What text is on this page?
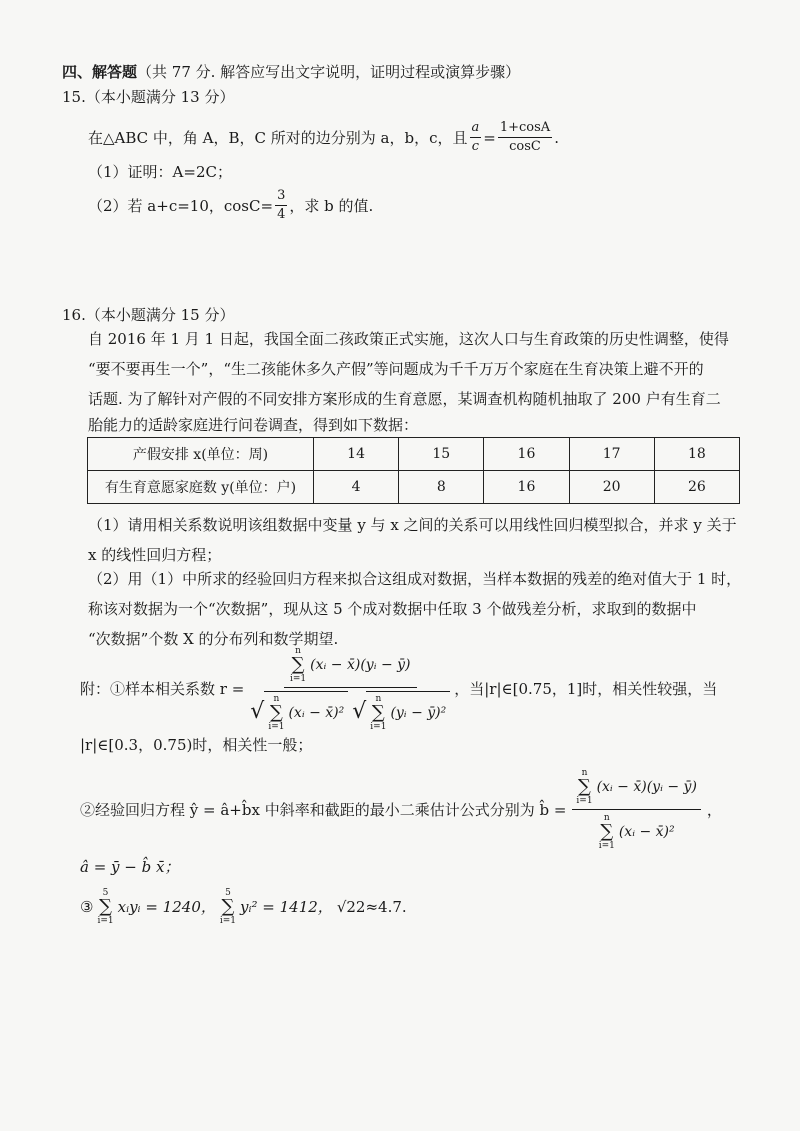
四、解答题（共 77 分. 解答应写出文字说明，证明过程或演算步骤）
15.（本小题满分 13 分）
在△ABC 中，角 A，B，C 所对的边分别为 a，b，c，且 $\frac{a}{c} = \frac{1+\cos A}{\cos C}$ .
（1）证明：A=2C；
（2）若 a+c=10，$\cos C= \frac{3}{4}$ ，求 b 的值.
16.（本小题满分 15 分）
自 2016 年 1 月 1 日起，我国全面二孩政策正式实施，这次人口与生育政策的历史性调整，使得
“要不要再生一个”，“生二孩能休多久产假”等问题成为千千万万个家庭在生育决策上避不开的
话题. 为了解针对产假的不同安排方案形成的生育意愿，某调查机构随机抽取了 200 户有生育二
胎能力的适龄家庭进行问卷调查，得到如下数据：
产假安排 x(单位：周)	14	15	16	17	18
有生育意愿家庭数 y(单位：户)	4	8	16	20	26
（1）请用相关系数说明该组数据中变量 y 与 x 之间的关系可以用线性回归模型拟合，并求 y 关于
x 的线性回归方程；
（2）用（1）中所求的经验回归方程来拟合这组成对数据，当样本数据的残差的绝对值大于 1 时，
称该对数据为一个“次数据”，现从这 5 个成对数据中任取 3 个做残差分析，求取到的数据中
“次数据”个数 X 的分布列和数学期望.
附：①样本相关系数 r =
n
∑
i=1
(xᵢ − x̄)(yᵢ − ȳ)
√ n
∑
i=1
(xᵢ − x̄)² √ n
∑
i=1
(yᵢ − ȳ)²
，当|r|∈[0.75，1]时，相关性较强，当
|r|∈[0.3，0.75)时，相关性一般；
②经验回归方程 ŷ = â+b̂x 中斜率和截距的最小二乘估计公式分别为 b̂ = n
∑
i=1
(xᵢ − x̄)(yᵢ − ȳ)
n
∑
i=1
(xᵢ − x̄)² ，
â = ȳ − b̂ x̄；
③
5
∑
i=1
xᵢyᵢ = 1240，
5
∑
i=1
yᵢ² = 1412， √22 ≈4.7.
